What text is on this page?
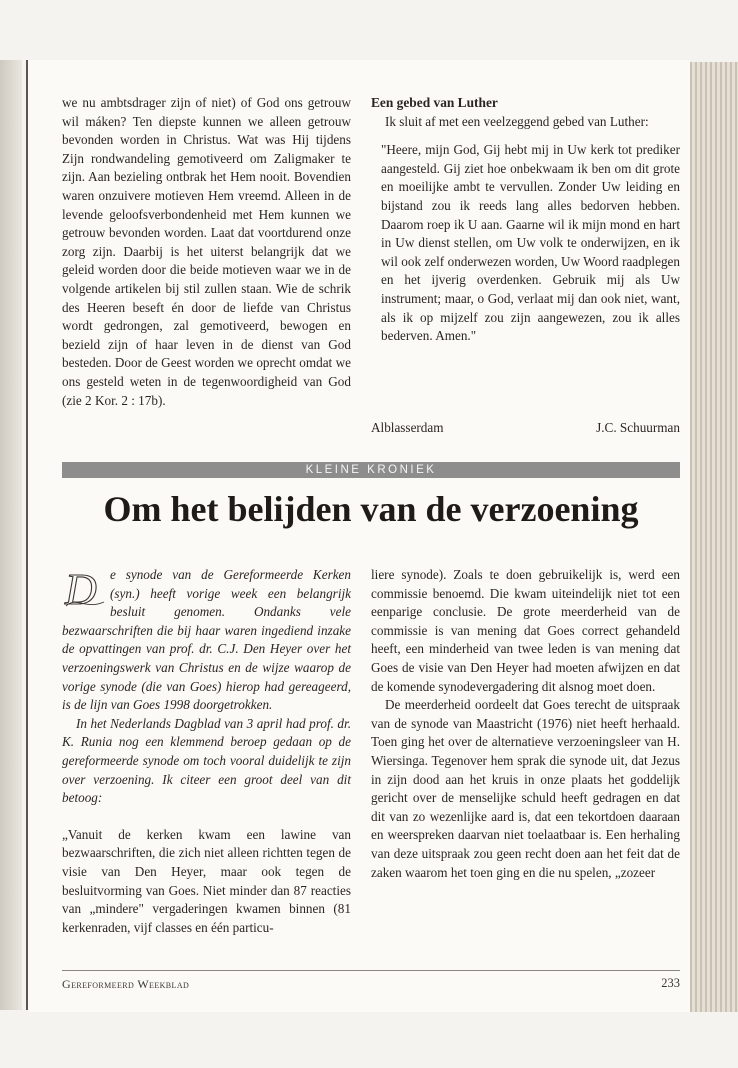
we nu ambtsdrager zijn of niet) of God ons getrouw wil máken? Ten diepste kunnen we alleen getrouw bevonden worden in Christus. Wat was Hij tijdens Zijn rondwandeling gemotiveerd om Zaligmaker te zijn. Aan bezieling ontbrak het Hem nooit. Bovendien waren onzuivere motieven Hem vreemd. Alleen in de levende geloofsverbondenheid met Hem kunnen we getrouw bevonden worden. Laat dat voortdurend onze zorg zijn. Daarbij is het uiterst belangrijk dat we geleid worden door die beide motieven waar we in de volgende artikelen bij stil zullen staan. Wie de schrik des Heeren beseft én door de liefde van Christus wordt gedrongen, zal gemotiveerd, bewogen en bezield zijn of haar leven in de dienst van God besteden. Door de Geest worden we oprecht omdat we ons gesteld weten in de tegenwoordigheid van God (zie 2 Kor. 2 : 17b).

Een gebed van Luther

Ik sluit af met een veelzeggend gebed van Luther:

"Heere, mijn God, Gij hebt mij in Uw kerk tot prediker aangesteld. Gij ziet hoe onbekwaam ik ben om dit grote en moeilijke ambt te vervullen. Zonder Uw leiding en bijstand zou ik reeds lang alles bedorven hebben. Daarom roep ik U aan. Gaarne wil ik mijn mond en hart in Uw dienst stellen, om Uw volk te onderwijzen, en ik wil ook zelf onderwezen worden, Uw Woord raadplegen en het ijverig overdenken. Gebruik mij als Uw instrument; maar, o God, verlaat mij dan ook niet, want, als ik op mijzelf zou zijn aangewezen, zou ik alles bederven. Amen."

Alblasserdam	J.C. Schuurman
KLEINE KRONIEK
Om het belijden van de verzoening

D e synode van de Gereformeerde Kerken (syn.) heeft vorige week een belangrijk besluit genomen. Ondanks vele bezwaarschriften die bij haar waren ingediend inzake de opvattingen van prof. dr. C.J. Den Heyer over het verzoeningswerk van Christus en de wijze waarop de vorige synode (die van Goes) hierop had gereageerd, is de lijn van Goes 1998 doorgetrokken.

In het Nederlands Dagblad van 3 april had prof. dr. K. Runia nog een klemmend beroep gedaan op de gereformeerde synode om toch vooral duidelijk te zijn over verzoening. Ik citeer een groot deel van dit betoog:

„Vanuit de kerken kwam een lawine van bezwaarschriften, die zich niet alleen richtten tegen de visie van Den Heyer, maar ook tegen de besluitvorming van Goes. Niet minder dan 87 reacties van „mindere" vergaderingen kwamen binnen (81 kerkenraden, vijf classes en één particu-

liere synode). Zoals te doen gebruikelijk is, werd een commissie benoemd. Die kwam uiteindelijk niet tot een eenparige conclusie. De grote meerderheid van de commissie is van mening dat Goes correct gehandeld heeft, een minderheid van twee leden is van mening dat Goes de visie van Den Heyer had moeten afwijzen en dat de komende synodevergadering dit alsnog moet doen.

De meerderheid oordeelt dat Goes terecht de uitspraak van de synode van Maastricht (1976) niet heeft herhaald. Toen ging het over de alternatieve verzoeningsleer van H. Wiersinga. Tegenover hem sprak die synode uit, dat Jezus in zijn dood aan het kruis in onze plaats het goddelijk gericht over de menselijke schuld heeft gedragen en dat dit van zo wezenlijke aard is, dat een tekortdoen daaraan en weerspreken daarvan niet toelaatbaar is. Een herhaling van deze uitspraak zou geen recht doen aan het feit dat de zaken waarom het toen ging en die nu spelen, „zozeer

Gereformeerd Weekblad	233
